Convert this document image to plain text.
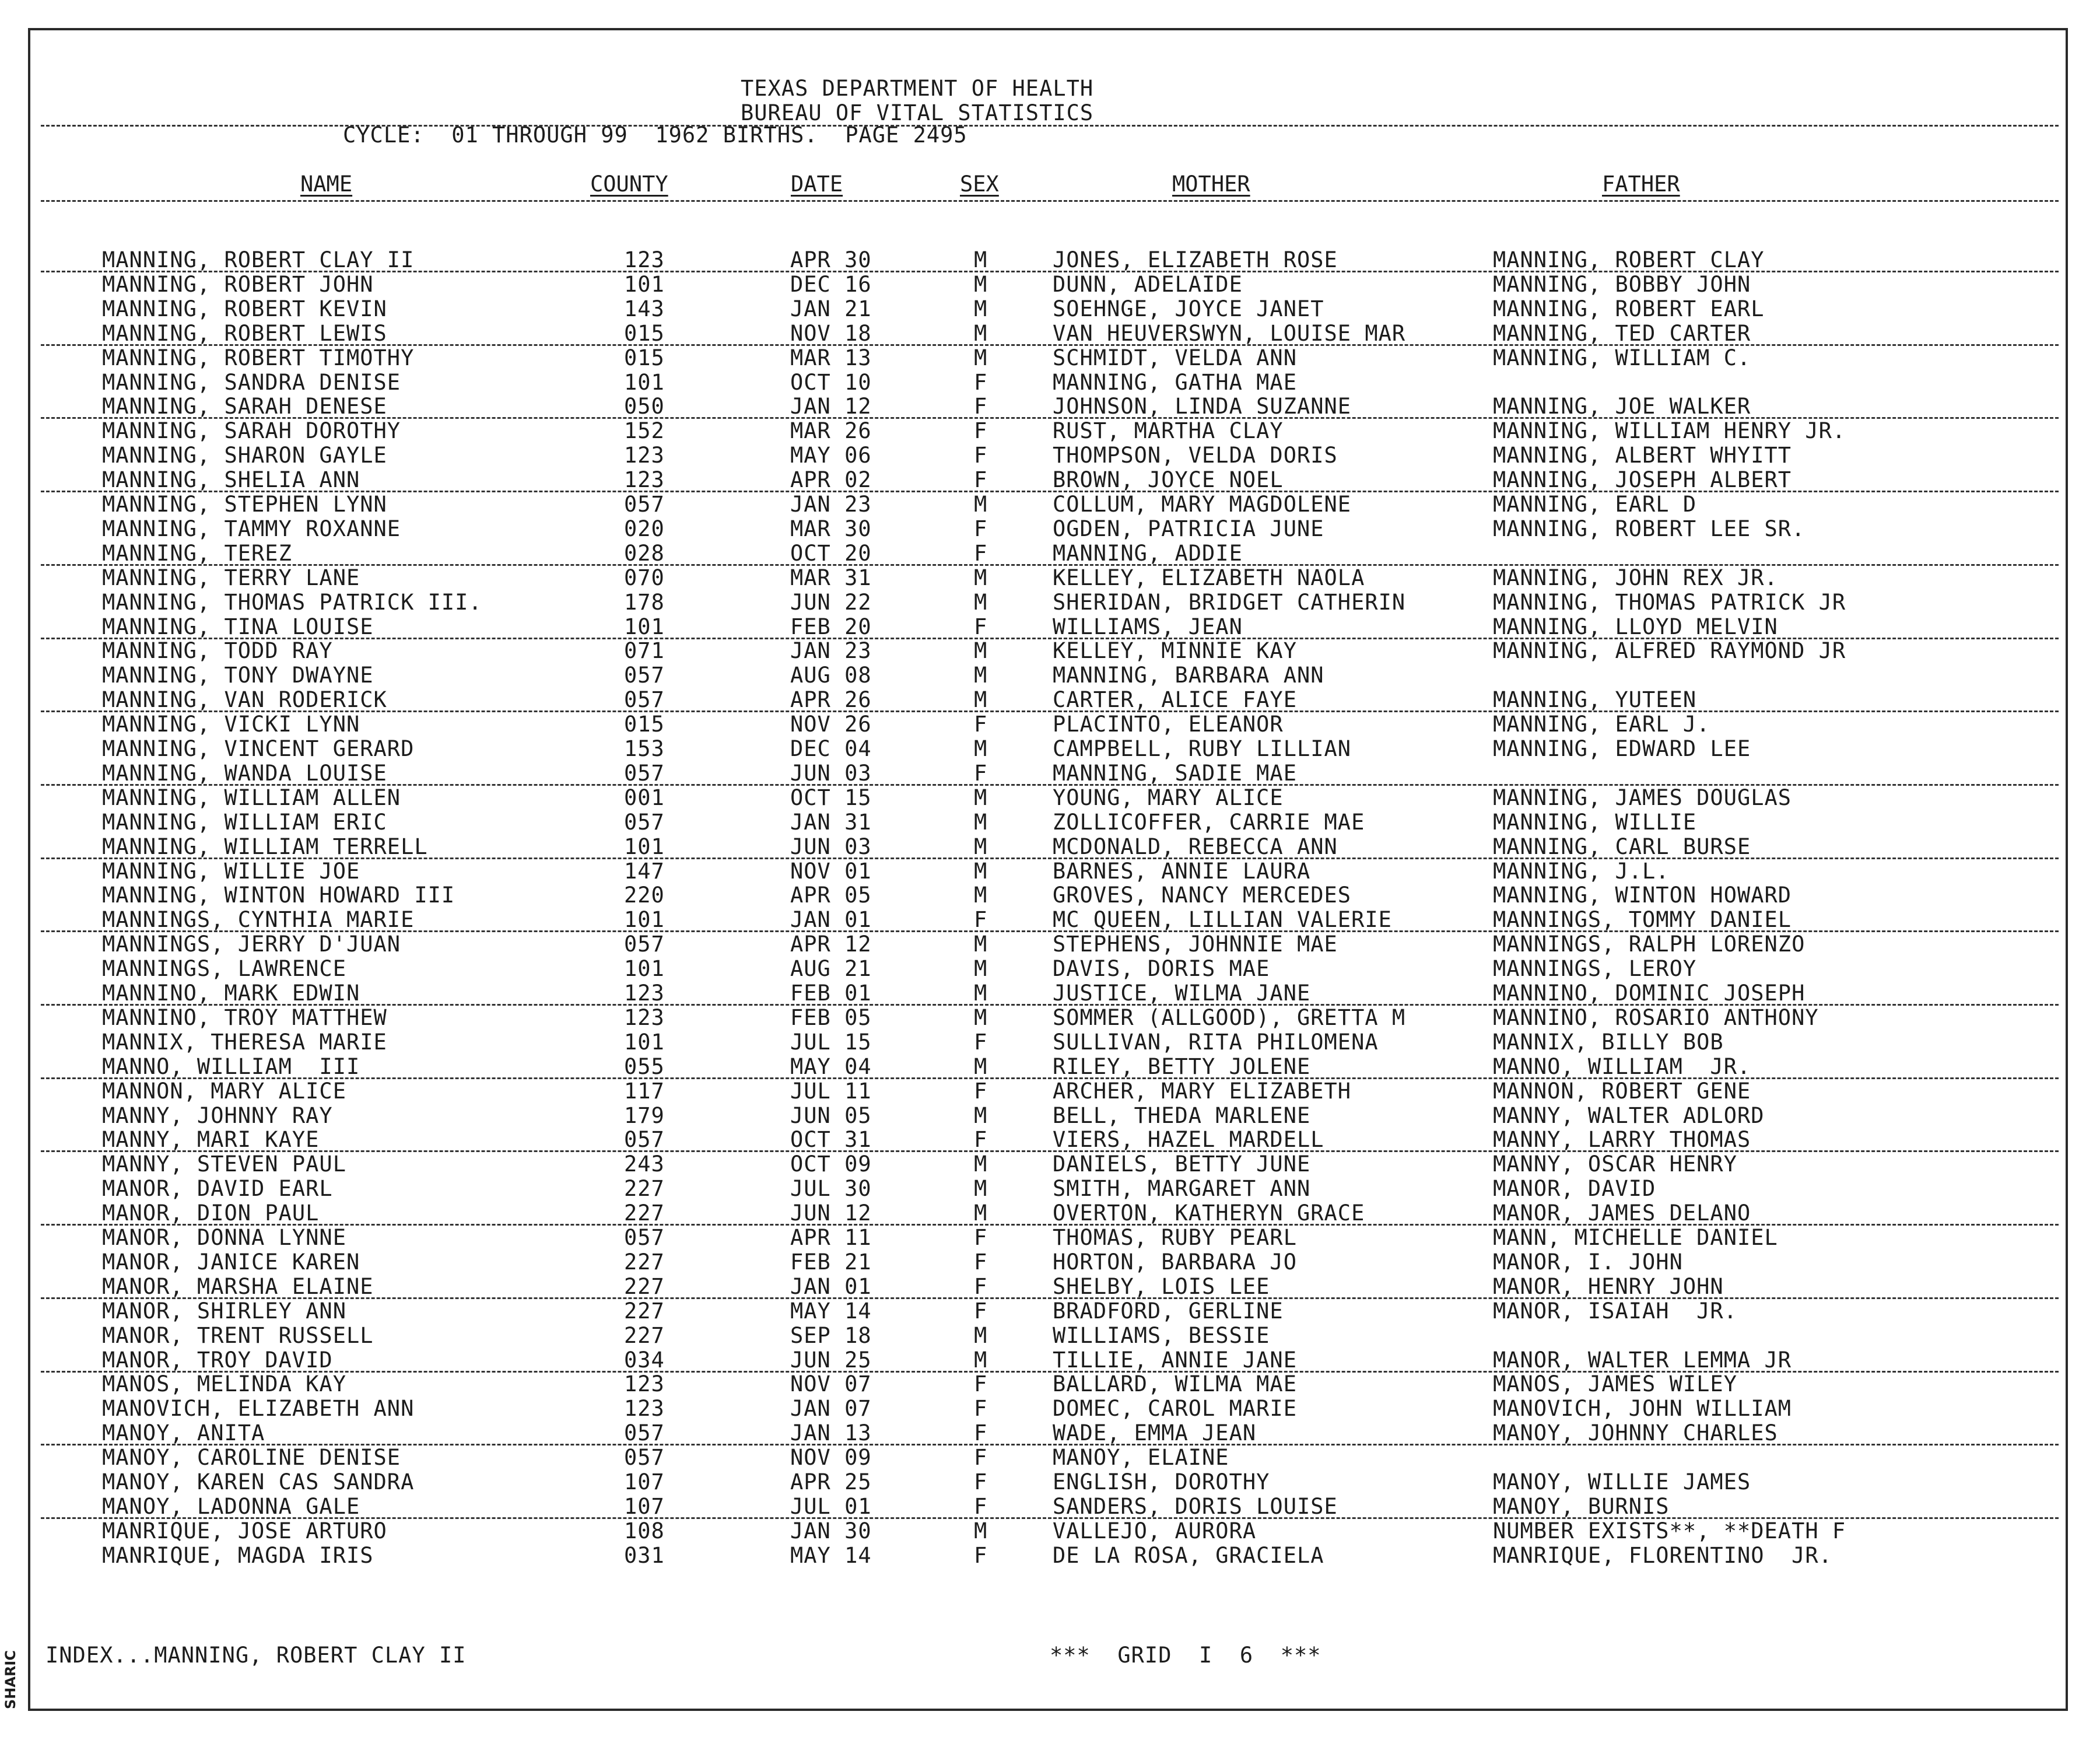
TEXAS DEPARTMENT OF HEALTH
BUREAU OF VITAL STATISTICS
CYCLE:  01 THROUGH 99  1962 BIRTHS.  PAGE 2495
NAME	COUNTY	DATE	SEX	MOTHER	FATHER
MANNING, ROBERT CLAY II	123	APR 30	M	JONES, ELIZABETH ROSE	MANNING, ROBERT CLAY
MANNING, ROBERT JOHN	101	DEC 16	M	DUNN, ADELAIDE	MANNING, BOBBY JOHN
MANNING, ROBERT KEVIN	143	JAN 21	M	SOEHNGE, JOYCE JANET	MANNING, ROBERT EARL
MANNING, ROBERT LEWIS	015	NOV 18	M	VAN HEUVERSWYN, LOUISE MAR	MANNING, TED CARTER
MANNING, ROBERT TIMOTHY	015	MAR 13	M	SCHMIDT, VELDA ANN	MANNING, WILLIAM C.
MANNING, SANDRA DENISE	101	OCT 10	F	MANNING, GATHA MAE
MANNING, SARAH DENESE	050	JAN 12	F	JOHNSON, LINDA SUZANNE	MANNING, JOE WALKER
MANNING, SARAH DOROTHY	152	MAR 26	F	RUST, MARTHA CLAY	MANNING, WILLIAM HENRY JR.
MANNING, SHARON GAYLE	123	MAY 06	F	THOMPSON, VELDA DORIS	MANNING, ALBERT WHYITT
MANNING, SHELIA ANN	123	APR 02	F	BROWN, JOYCE NOEL	MANNING, JOSEPH ALBERT
MANNING, STEPHEN LYNN	057	JAN 23	M	COLLUM, MARY MAGDOLENE	MANNING, EARL D
MANNING, TAMMY ROXANNE	020	MAR 30	F	OGDEN, PATRICIA JUNE	MANNING, ROBERT LEE SR.
MANNING, TEREZ	028	OCT 20	F	MANNING, ADDIE
MANNING, TERRY LANE	070	MAR 31	M	KELLEY, ELIZABETH NAOLA	MANNING, JOHN REX JR.
MANNING, THOMAS PATRICK III.	178	JUN 22	M	SHERIDAN, BRIDGET CATHERIN	MANNING, THOMAS PATRICK JR
MANNING, TINA LOUISE	101	FEB 20	F	WILLIAMS, JEAN	MANNING, LLOYD MELVIN
MANNING, TODD RAY	071	JAN 23	M	KELLEY, MINNIE KAY	MANNING, ALFRED RAYMOND JR
MANNING, TONY DWAYNE	057	AUG 08	M	MANNING, BARBARA ANN
MANNING, VAN RODERICK	057	APR 26	M	CARTER, ALICE FAYE	MANNING, YUTEEN
MANNING, VICKI LYNN	015	NOV 26	F	PLACINTO, ELEANOR	MANNING, EARL J.
MANNING, VINCENT GERARD	153	DEC 04	M	CAMPBELL, RUBY LILLIAN	MANNING, EDWARD LEE
MANNING, WANDA LOUISE	057	JUN 03	F	MANNING, SADIE MAE
MANNING, WILLIAM ALLEN	001	OCT 15	M	YOUNG, MARY ALICE	MANNING, JAMES DOUGLAS
MANNING, WILLIAM ERIC	057	JAN 31	M	ZOLLICOFFER, CARRIE MAE	MANNING, WILLIE
MANNING, WILLIAM TERRELL	101	JUN 03	M	MCDONALD, REBECCA ANN	MANNING, CARL BURSE
MANNING, WILLIE JOE	147	NOV 01	M	BARNES, ANNIE LAURA	MANNING, J.L.
MANNING, WINTON HOWARD III	220	APR 05	M	GROVES, NANCY MERCEDES	MANNING, WINTON HOWARD
MANNINGS, CYNTHIA MARIE	101	JAN 01	F	MC QUEEN, LILLIAN VALERIE	MANNINGS, TOMMY DANIEL
MANNINGS, JERRY D'JUAN	057	APR 12	M	STEPHENS, JOHNNIE MAE	MANNINGS, RALPH LORENZO
MANNINGS, LAWRENCE	101	AUG 21	M	DAVIS, DORIS MAE	MANNINGS, LEROY
MANNINO, MARK EDWIN	123	FEB 01	M	JUSTICE, WILMA JANE	MANNINO, DOMINIC JOSEPH
MANNINO, TROY MATTHEW	123	FEB 05	M	SOMMER (ALLGOOD), GRETTA M	MANNINO, ROSARIO ANTHONY
MANNIX, THERESA MARIE	101	JUL 15	F	SULLIVAN, RITA PHILOMENA	MANNIX, BILLY BOB
MANNO, WILLIAM  III	055	MAY 04	M	RILEY, BETTY JOLENE	MANNO, WILLIAM  JR.
MANNON, MARY ALICE	117	JUL 11	F	ARCHER, MARY ELIZABETH	MANNON, ROBERT GENE
MANNY, JOHNNY RAY	179	JUN 05	M	BELL, THEDA MARLENE	MANNY, WALTER ADLORD
MANNY, MARI KAYE	057	OCT 31	F	VIERS, HAZEL MARDELL	MANNY, LARRY THOMAS
MANNY, STEVEN PAUL	243	OCT 09	M	DANIELS, BETTY JUNE	MANNY, OSCAR HENRY
MANOR, DAVID EARL	227	JUL 30	M	SMITH, MARGARET ANN	MANOR, DAVID
MANOR, DION PAUL	227	JUN 12	M	OVERTON, KATHERYN GRACE	MANOR, JAMES DELANO
MANOR, DONNA LYNNE	057	APR 11	F	THOMAS, RUBY PEARL	MANN, MICHELLE DANIEL
MANOR, JANICE KAREN	227	FEB 21	F	HORTON, BARBARA JO	MANOR, I. JOHN
MANOR, MARSHA ELAINE	227	JAN 01	F	SHELBY, LOIS LEE	MANOR, HENRY JOHN
MANOR, SHIRLEY ANN	227	MAY 14	F	BRADFORD, GERLINE	MANOR, ISAIAH  JR.
MANOR, TRENT RUSSELL	227	SEP 18	M	WILLIAMS, BESSIE
MANOR, TROY DAVID	034	JUN 25	M	TILLIE, ANNIE JANE	MANOR, WALTER LEMMA JR
MANOS, MELINDA KAY	123	NOV 07	F	BALLARD, WILMA MAE	MANOS, JAMES WILEY
MANOVICH, ELIZABETH ANN	123	JAN 07	F	DOMEC, CAROL MARIE	MANOVICH, JOHN WILLIAM
MANOY, ANITA	057	JAN 13	F	WADE, EMMA JEAN	MANOY, JOHNNY CHARLES
MANOY, CAROLINE DENISE	057	NOV 09	F	MANOY, ELAINE
MANOY, KAREN CAS SANDRA	107	APR 25	F	ENGLISH, DOROTHY	MANOY, WILLIE JAMES
MANOY, LADONNA GALE	107	JUL 01	F	SANDERS, DORIS LOUISE	MANOY, BURNIS
MANRIQUE, JOSE ARTURO	108	JAN 30	M	VALLEJO, AURORA	NUMBER EXISTS**, **DEATH F
MANRIQUE, MAGDA IRIS	031	MAY 14	F	DE LA ROSA, GRACIELA	MANRIQUE, FLORENTINO  JR.
INDEX...MANNING, ROBERT CLAY II	***  GRID  I  6  ***
SHARIC
